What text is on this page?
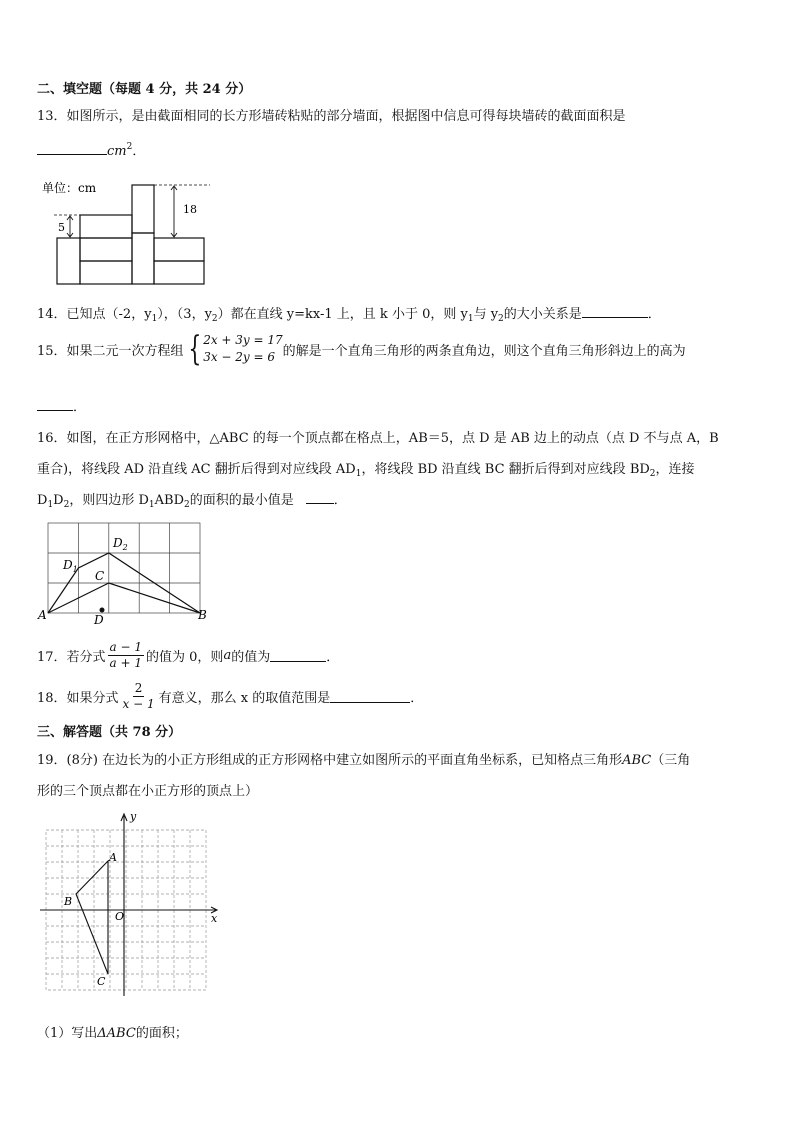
二、填空题（每题 4 分，共 24 分）
13．如图所示，是由截面相同的长方形墙砖粘贴的部分墙面，根据图中信息可得每块墙砖的截面面积是
$cm^2$．
单位：cm
5
18
14．已知点（-2，$y_1$），（3，$y_2$）都在直线 y=kx-1 上，且 k 小于 0，则 $y_1$与 $y_2$的大小关系是	．
15．如果二元一次方程组 { 2x + 3y = 17
3x − 2y = 6 的解是一个直角三角形的两条直角边，则这个直角三角形斜边上的高为
．
16．如图，在正方形网格中，△ABC 的每一个顶点都在格点上，AB＝5，点 D 是 AB 边上的动点（点 D 不与点 A，B
重合)，将线段 AD 沿直线 AC 翻折后得到对应线段 $AD_1$，将线段 BD 沿直线 BC 翻折后得到对应线段 $BD_2$，连接
$D_1D_2$，则四边形 $D_1ABD_2$的面积的最小值是	．
A	B
C
D
$D_1$
$D_2$
17．若分式 $\frac{a - 1}{a + 1}$ 的值为 0，则 a 的值为	．
18．如果分式 $\frac{2}{x - 1}$ 有意义，那么 x 的取值范围是	．
三、解答题（共 78 分）
19．(8分) 在边长为的小正方形组成的正方形网格中建立如图所示的平面直角坐标系，已知格点三角形ABC（三角
形的三个顶点都在小正方形的顶点上）
y
x
O
A
B
C
（1）写出ΔABC的面积；
